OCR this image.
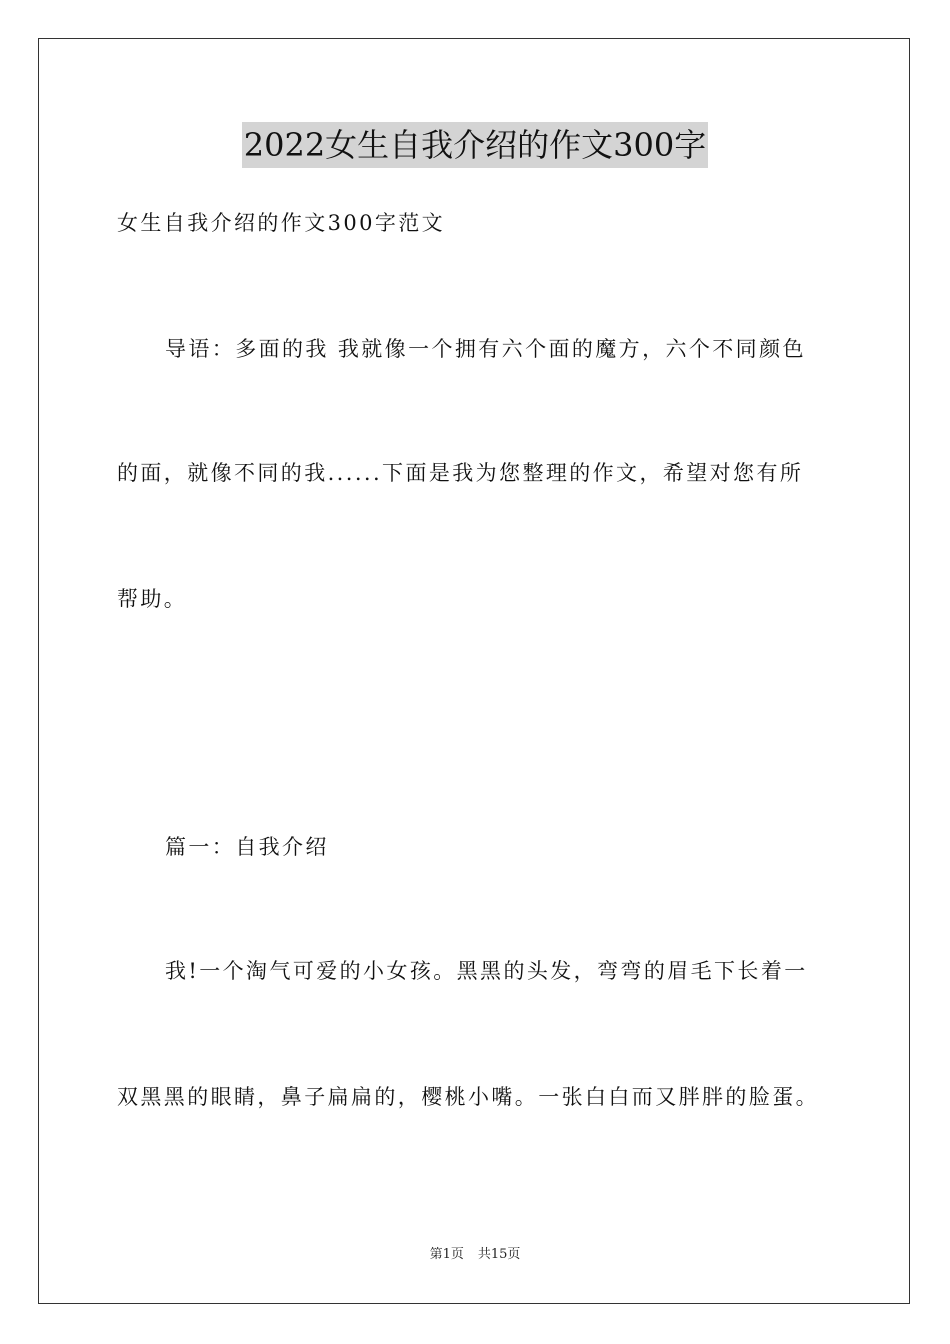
2022女生自我介绍的作文300字
女生自我介绍的作文300字范文
导语：多面的我 我就像一个拥有六个面的魔方，六个不同颜色
的面，就像不同的我......下面是我为您整理的作文，希望对您有所
帮助。
篇一：自我介绍
我!一个淘气可爱的小女孩。黑黑的头发，弯弯的眉毛下长着一
双黑黑的眼睛，鼻子扁扁的，樱桃小嘴。一张白白而又胖胖的脸蛋。
第1页 共15页
